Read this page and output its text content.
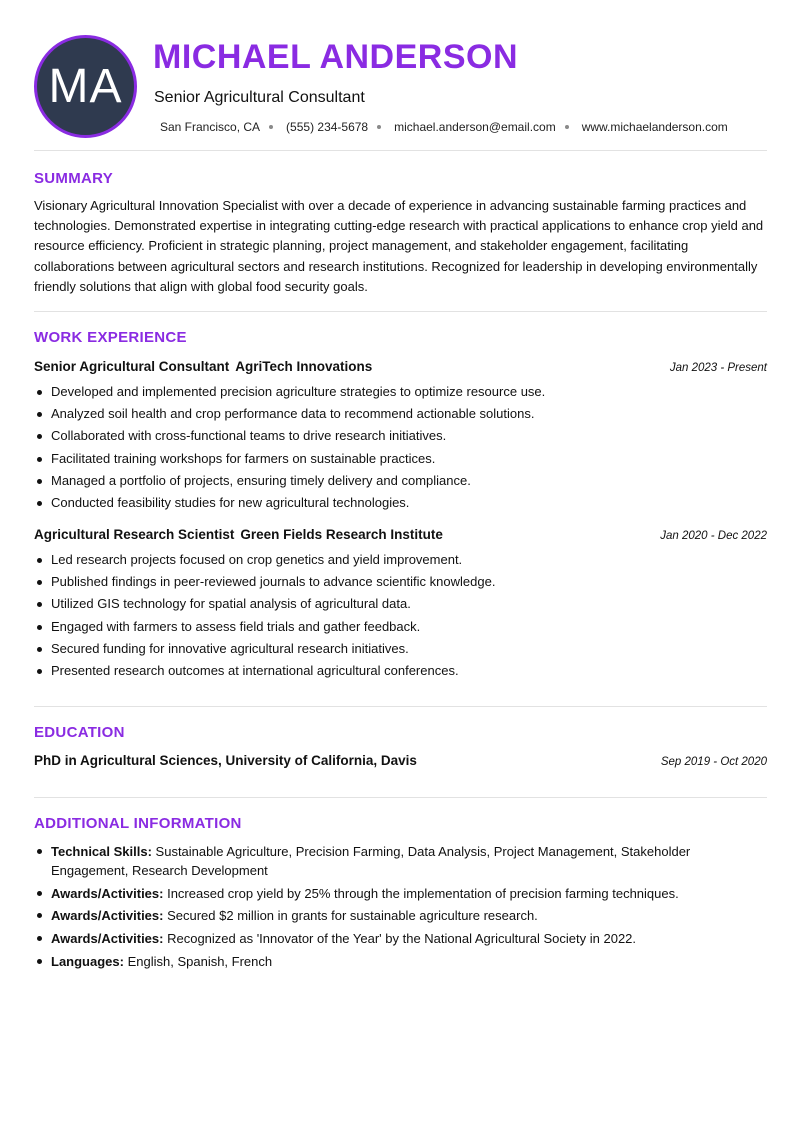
MA
MICHAEL ANDERSON
Senior Agricultural Consultant
San Francisco, CA (555) 234-5678 michael.anderson@email.com www.michaelanderson.com
SUMMARY
Visionary Agricultural Innovation Specialist with over a decade of experience in advancing sustainable farming practices and technologies. Demonstrated expertise in integrating cutting-edge research with practical applications to enhance crop yield and resource efficiency. Proficient in strategic planning, project management, and stakeholder engagement, facilitating collaborations between agricultural sectors and research institutions. Recognized for leadership in developing environmentally friendly solutions that align with global food security goals.
WORK EXPERIENCE
Senior Agricultural Consultant AgriTech Innovations	Jan 2023 - Present
Developed and implemented precision agriculture strategies to optimize resource use.
Analyzed soil health and crop performance data to recommend actionable solutions.
Collaborated with cross-functional teams to drive research initiatives.
Facilitated training workshops for farmers on sustainable practices.
Managed a portfolio of projects, ensuring timely delivery and compliance.
Conducted feasibility studies for new agricultural technologies.
Agricultural Research Scientist Green Fields Research Institute	Jan 2020 - Dec 2022
Led research projects focused on crop genetics and yield improvement.
Published findings in peer-reviewed journals to advance scientific knowledge.
Utilized GIS technology for spatial analysis of agricultural data.
Engaged with farmers to assess field trials and gather feedback.
Secured funding for innovative agricultural research initiatives.
Presented research outcomes at international agricultural conferences.
EDUCATION
PhD in Agricultural Sciences, University of California, Davis	Sep 2019 - Oct 2020
ADDITIONAL INFORMATION
Technical Skills: Sustainable Agriculture, Precision Farming, Data Analysis, Project Management, Stakeholder Engagement, Research Development
Awards/Activities: Increased crop yield by 25% through the implementation of precision farming techniques.
Awards/Activities: Secured $2 million in grants for sustainable agriculture research.
Awards/Activities: Recognized as 'Innovator of the Year' by the National Agricultural Society in 2022.
Languages: English, Spanish, French
